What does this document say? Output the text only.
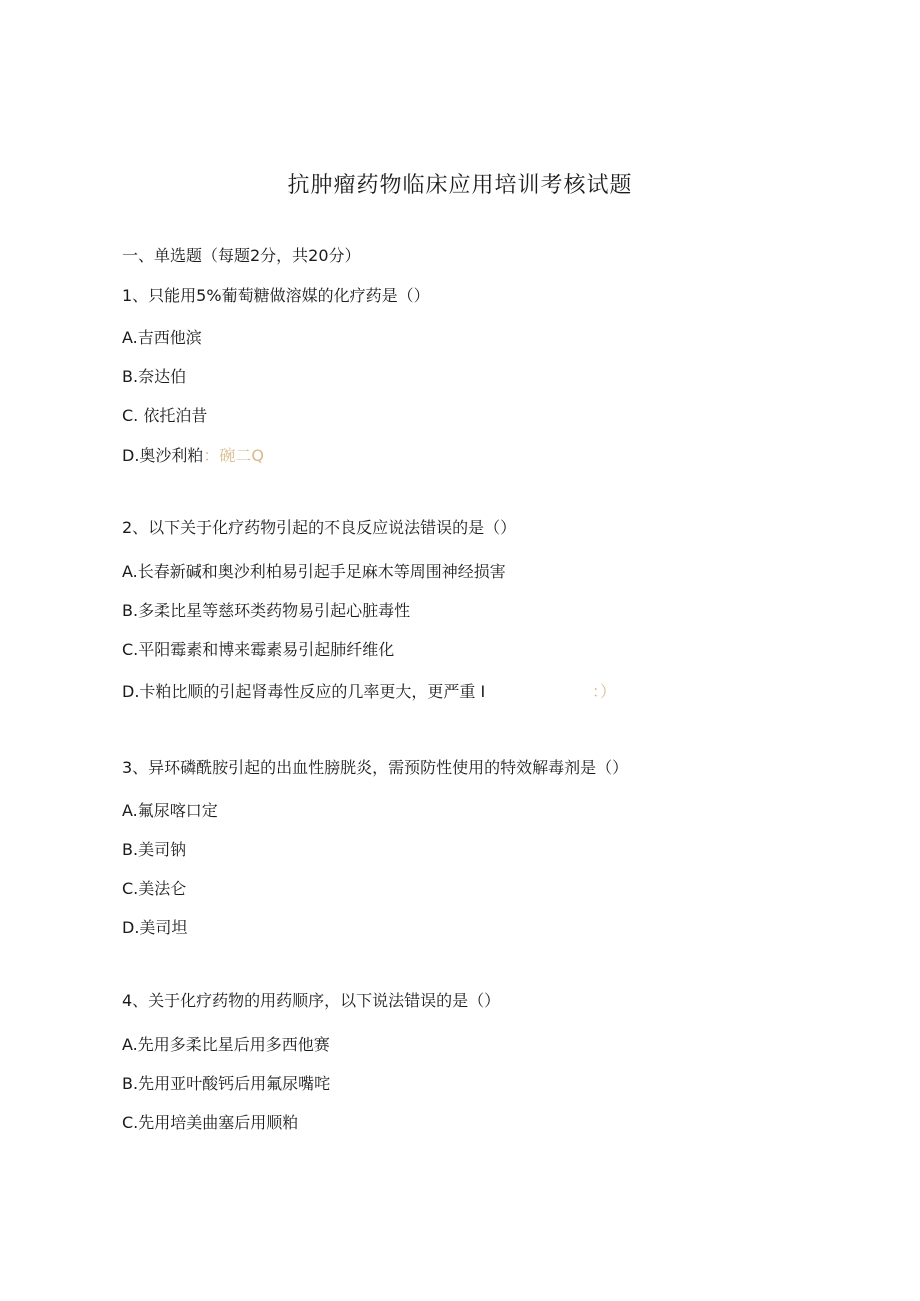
抗肿瘤药物临床应用培训考核试题
一、单选题（每题2分，共20分）
1、只能用5%葡萄糖做溶媒的化疗药是（）
A.吉西他滨
B.奈达伯
C. 依托泊昔
D.奥沙利粕：碗二Q
2、以下关于化疗药物引起的不良反应说法错误的是（）
A.长春新碱和奥沙利柏易引起手足麻木等周围神经损害
B.多柔比星等慈环类药物易引起心脏毒性
C.平阳霉素和博来霉素易引起肺纤维化
D.卡粕比顺的引起肾毒性反应的几率更大，更严重 I	：）
3、异环磷酰胺引起的出血性膀胱炎，需预防性使用的特效解毒剂是（）
A.氟尿喀口定
B.美司钠
C.美法仑
D.美司坦
4、关于化疗药物的用药顺序，以下说法错误的是（）
A.先用多柔比星后用多西他赛
B.先用亚叶酸钙后用氟尿嘴咤
C.先用培美曲塞后用顺粕
